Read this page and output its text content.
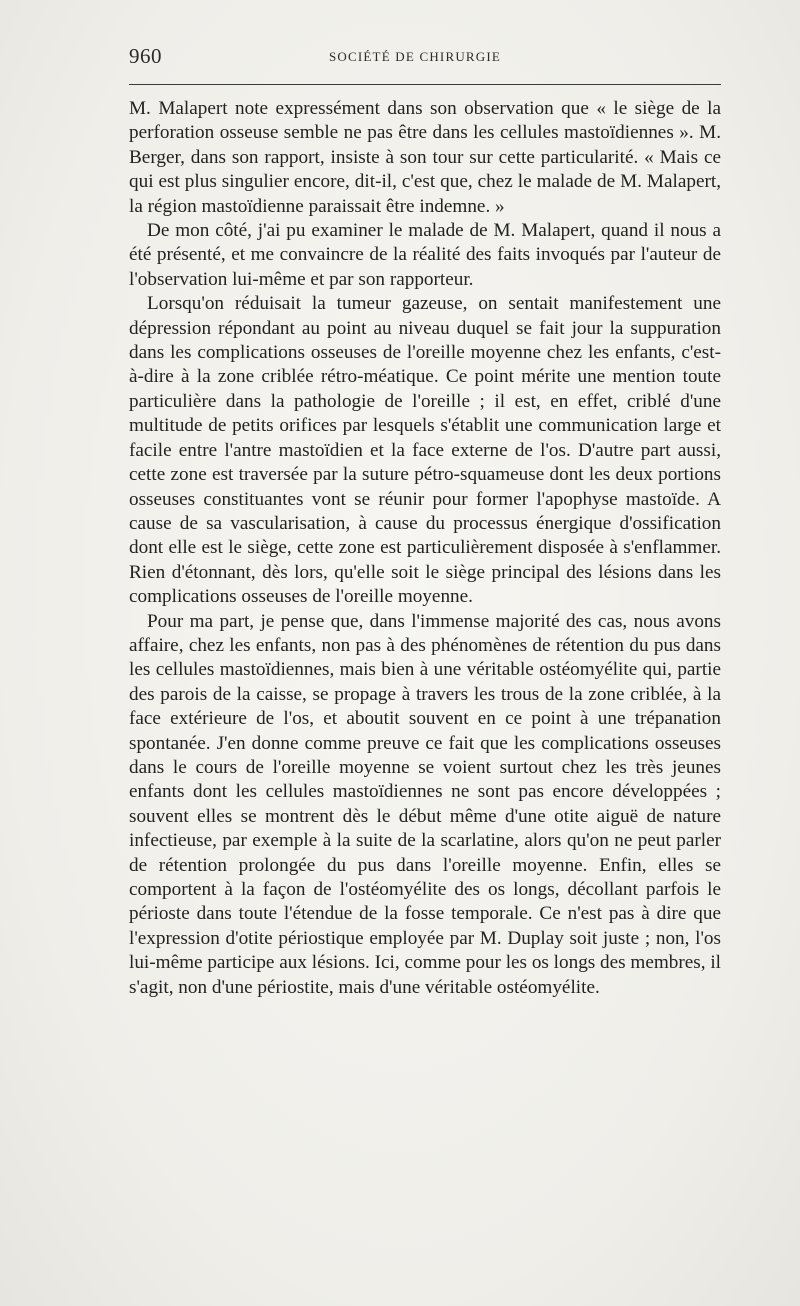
960	SOCIÉTÉ DE CHIRURGIE

M. Malapert note expressément dans son observation que « le siège de la perforation osseuse semble ne pas être dans les cellules mastoïdiennes ». M. Berger, dans son rapport, insiste à son tour sur cette particularité. « Mais ce qui est plus singulier encore, dit-il, c'est que, chez le malade de M. Malapert, la région mastoïdienne paraissait être indemne. »

De mon côté, j'ai pu examiner le malade de M. Malapert, quand il nous a été présenté, et me convaincre de la réalité des faits invoqués par l'auteur de l'observation lui-même et par son rapporteur.

Lorsqu'on réduisait la tumeur gazeuse, on sentait manifestement une dépression répondant au point au niveau duquel se fait jour la suppuration dans les complications osseuses de l'oreille moyenne chez les enfants, c'est-à-dire à la zone criblée rétro-méatique. Ce point mérite une mention toute particulière dans la pathologie de l'oreille ; il est, en effet, criblé d'une multitude de petits orifices par lesquels s'établit une communication large et facile entre l'antre mastoïdien et la face externe de l'os. D'autre part aussi, cette zone est traversée par la suture pétro-squameuse dont les deux portions osseuses constituantes vont se réunir pour former l'apophyse mastoïde. A cause de sa vascularisation, à cause du processus énergique d'ossification dont elle est le siège, cette zone est particulièrement disposée à s'enflammer. Rien d'étonnant, dès lors, qu'elle soit le siège principal des lésions dans les complications osseuses de l'oreille moyenne.

Pour ma part, je pense que, dans l'immense majorité des cas, nous avons affaire, chez les enfants, non pas à des phénomènes de rétention du pus dans les cellules mastoïdiennes, mais bien à une véritable ostéomyélite qui, partie des parois de la caisse, se propage à travers les trous de la zone criblée, à la face extérieure de l'os, et aboutit souvent en ce point à une trépanation spontanée. J'en donne comme preuve ce fait que les complications osseuses dans le cours de l'oreille moyenne se voient surtout chez les très jeunes enfants dont les cellules mastoïdiennes ne sont pas encore développées ; souvent elles se montrent dès le début même d'une otite aiguë de nature infectieuse, par exemple à la suite de la scarlatine, alors qu'on ne peut parler de rétention prolongée du pus dans l'oreille moyenne. Enfin, elles se comportent à la façon de l'ostéomyélite des os longs, décollant parfois le périoste dans toute l'étendue de la fosse temporale. Ce n'est pas à dire que l'expression d'otite périostique employée par M. Duplay soit juste ; non, l'os lui-même participe aux lésions. Ici, comme pour les os longs des membres, il s'agit, non d'une périostite, mais d'une véritable ostéomyélite.
